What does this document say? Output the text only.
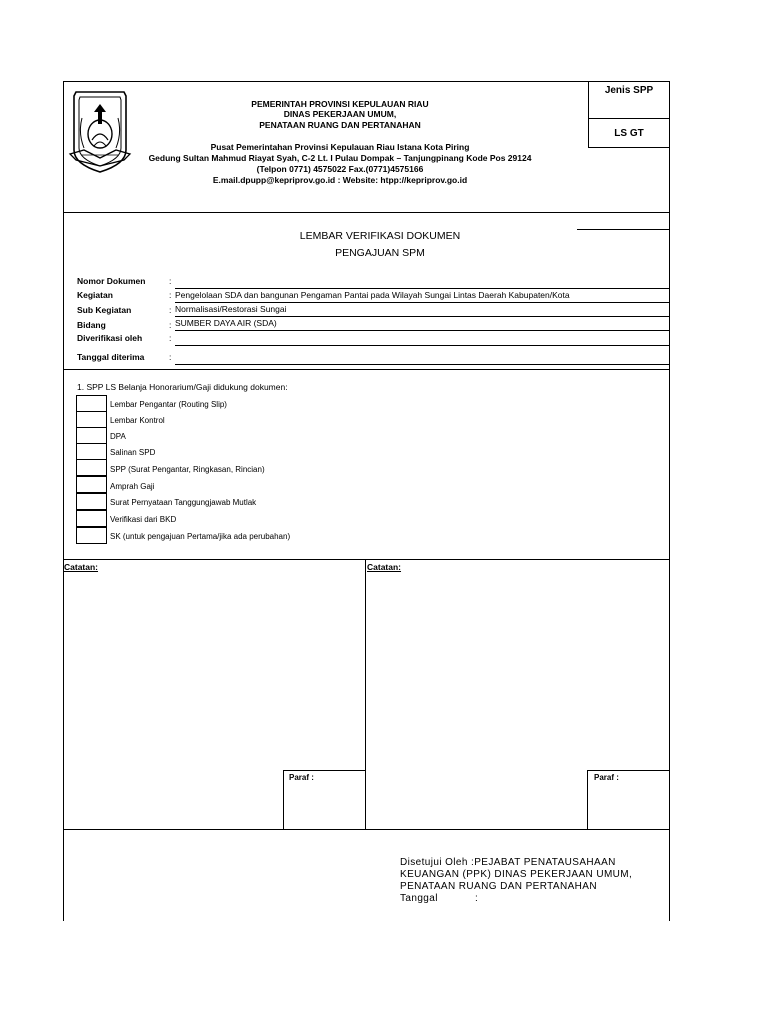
PEMERINTAH PROVINSI KEPULAUAN RIAU
DINAS PEKERJAAN UMUM,
PENATAAN RUANG DAN PERTANAHAN
Pusat Pemerintahan Provinsi Kepulauan Riau Istana Kota Piring
Gedung Sultan Mahmud Riayat Syah, C-2 Lt. I Pulau Dompak – Tanjungpinang Kode Pos 29124
(Telpon 0771) 4575022 Fax.(0771)4575166
E.mail.dpupp@kepriprov.go.id : Website: htpp://kepriprov.go.id
Jenis SPP
LS GT
LEMBAR VERIFIKASI DOKUMEN
PENGAJUAN SPM
Nomor Dokumen	:
Kegiatan	: Pengelolaan SDA dan bangunan Pengaman Pantai pada Wilayah Sungai Lintas Daerah Kabupaten/Kota
Sub Kegiatan	: Normalisasi/Restorasi Sungai
Bidang	: SUMBER DAYA AIR (SDA)
Diverifikasi oleh	:
Tanggal diterima	:
1. SPP LS Belanja Honorarium/Gaji didukung dokumen:
Lembar Pengantar (Routing Slip)
Lembar Kontrol
DPA
Salinan SPD
SPP (Surat Pengantar, Ringkasan, Rincian)
Amprah Gaji
Surat Pernyataan Tanggungjawab Mutlak
Verifikasi dari BKD
SK (untuk pengajuan Pertama/jika ada perubahan)
Catatan:	Catatan:
Paraf :	Paraf :
Disetujui Oleh :PEJABAT PENATAUSAHAAN
KEUANGAN (PPK) DINAS PEKERJAAN UMUM,
PENATAAN RUANG DAN PERTANAHAN
Tanggal	:
